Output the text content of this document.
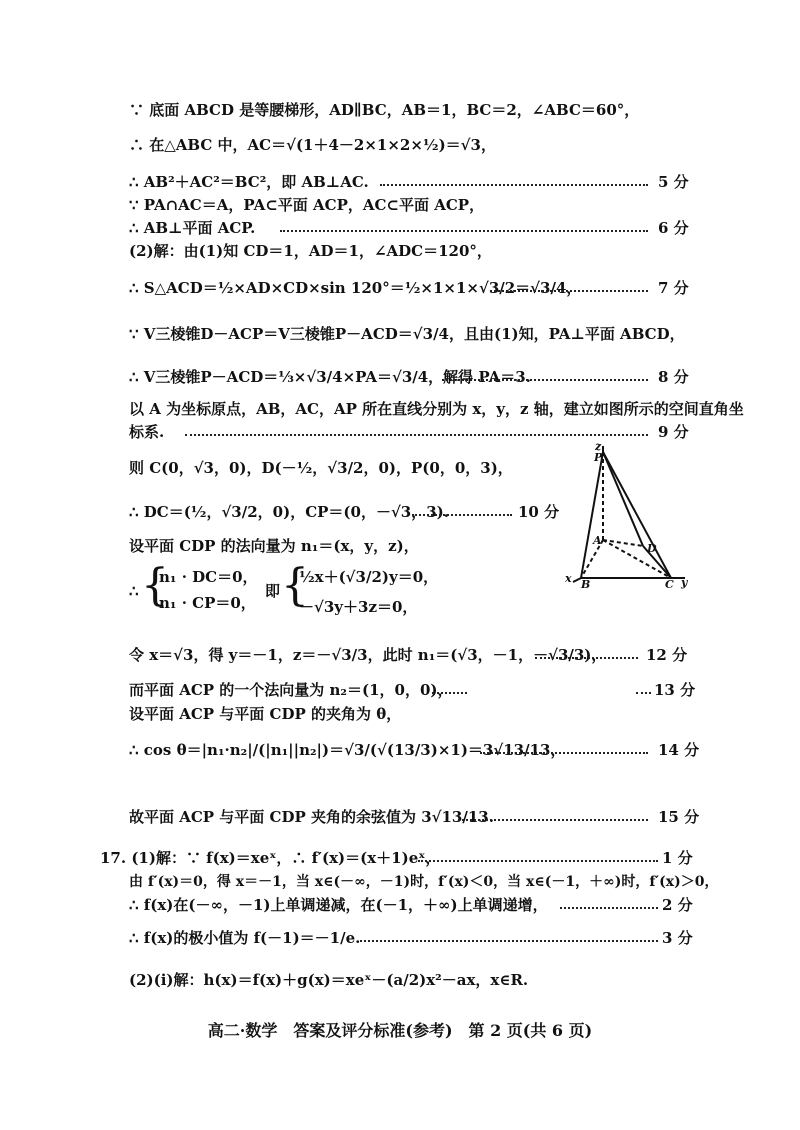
∵ 底面 ABCD 是等腰梯形，AD∥BC，AB＝1，BC＝2，∠ABC＝60°，
∴ 在△ABC 中，AC＝√(1＋4－2×1×2×½)＝√3，
∴ AB²＋AC²＝BC²，即 AB⊥AC.	5 分
∵ PA∩AC＝A，PA⊂平面 ACP，AC⊂平面 ACP，
∴ AB⊥平面 ACP.	6 分
(2)解：由(1)知 CD＝1，AD＝1，∠ADC＝120°，
∴ S△ACD＝½×AD×CD×sin 120°＝½×1×1×√3/2＝√3/4，	7 分
∵ V三棱锥D－ACP＝V三棱锥P－ACD＝√3/4，且由(1)知，PA⊥平面 ABCD，
∴ V三棱锥P－ACD＝⅓×√3/4×PA＝√3/4，解得 PA＝3.	8 分
以 A 为坐标原点，AB，AC，AP 所在直线分别为 x，y，z 轴，建立如图所示的空间直角坐
标系.	9 分
则 C(0，√3，0)，D(－½，√3/2，0)，P(0，0，3)，
∴ DC＝(½，√3/2，0)，CP＝(0，－√3，3).	10 分
设平面 CDP 的法向量为 n₁＝(x，y，z)，
∴ {
n₁ · DC＝0，
n₁ · CP＝0，
即 {
½x＋(√3/2)y＝0，
－√3y＋3z＝0，
令 x＝√3，得 y＝－1，z＝－√3/3，此时 n₁＝(√3，－1，－√3/3)，	12 分
而平面 ACP 的一个法向量为 n₂＝(1，0，0)，	13 分
设平面 ACP 与平面 CDP 的夹角为 θ，
∴ cos θ＝|n₁·n₂|/(|n₁||n₂|)＝√3/(√(13/3)×1)＝3√13/13，	14 分
故平面 ACP 与平面 CDP 夹角的余弦值为 3√13/13.	15 分
17. (1)解：∵ f(x)＝xeˣ，∴ f′(x)＝(x＋1)eˣ，	1 分
由 f′(x)＝0，得 x＝－1，当 x∈(－∞，－1)时，f′(x)＜0，当 x∈(－1，＋∞)时，f′(x)＞0，
∴ f(x)在(－∞，－1)上单调递减，在(－1，＋∞)上单调递增，	2 分
∴ f(x)的极小值为 f(－1)＝－1/e.	3 分
(2)(i)解：h(x)＝f(x)＋g(x)＝xeˣ－(a/2)x²－ax，x∈R.
z
P
A
D
x B	C y
高二·数学　答案及评分标准(参考)　第 2 页(共 6 页)
